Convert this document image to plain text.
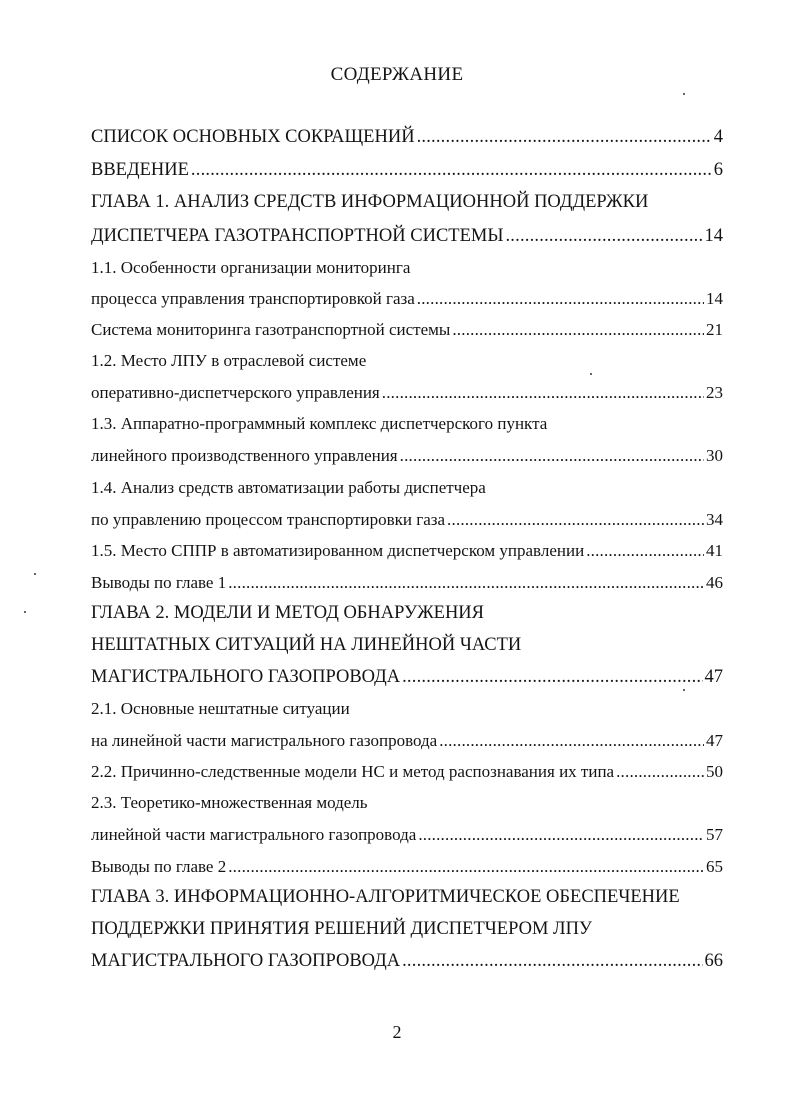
СОДЕРЖАНИЕ
СПИСОК ОСНОВНЫХ СОКРАЩЕНИЙ .....	4
ВВЕДЕНИЕ .....	6
ГЛАВА 1. АНАЛИЗ СРЕДСТВ ИНФОРМАЦИОННОЙ ПОДДЕРЖКИ
ДИСПЕТЧЕРА ГАЗОТРАНСПОРТНОЙ СИСТЕМЫ .....	14
1.1. Особенности организации мониторинга
процесса управления транспортировкой газа .....	14
Система мониторинга газотранспортной системы .....	21
1.2. Место ЛПУ в отраслевой системе
оперативно-диспетчерского управления .....	23
1.3. Аппаратно-программный комплекс диспетчерского пункта
линейного производственного управления .....	30
1.4. Анализ средств автоматизации работы диспетчера
по управлению процессом транспортировки газа .....	34
1.5. Место СППР в автоматизированном диспетчерском управлении .....	41
Выводы по главе 1 .....	46
ГЛАВА 2. МОДЕЛИ И МЕТОД ОБНАРУЖЕНИЯ
НЕШТАТНЫХ СИТУАЦИЙ НА ЛИНЕЙНОЙ ЧАСТИ
МАГИСТРАЛЬНОГО ГАЗОПРОВОДА .....	47
2.1. Основные нештатные ситуации
на линейной части магистрального газопровода .....	47
2.2. Причинно-следственные модели НС и метод распознавания их типа .....	50
2.3. Теоретико-множественная модель
линейной части магистрального газопровода .....	57
Выводы по главе 2 .....	65
ГЛАВА 3. ИНФОРМАЦИОННО-АЛГОРИТМИЧЕСКОЕ ОБЕСПЕЧЕНИЕ
ПОДДЕРЖКИ ПРИНЯТИЯ РЕШЕНИЙ ДИСПЕТЧЕРОМ ЛПУ
МАГИСТРАЛЬНОГО ГАЗОПРОВОДА .....	66
2
